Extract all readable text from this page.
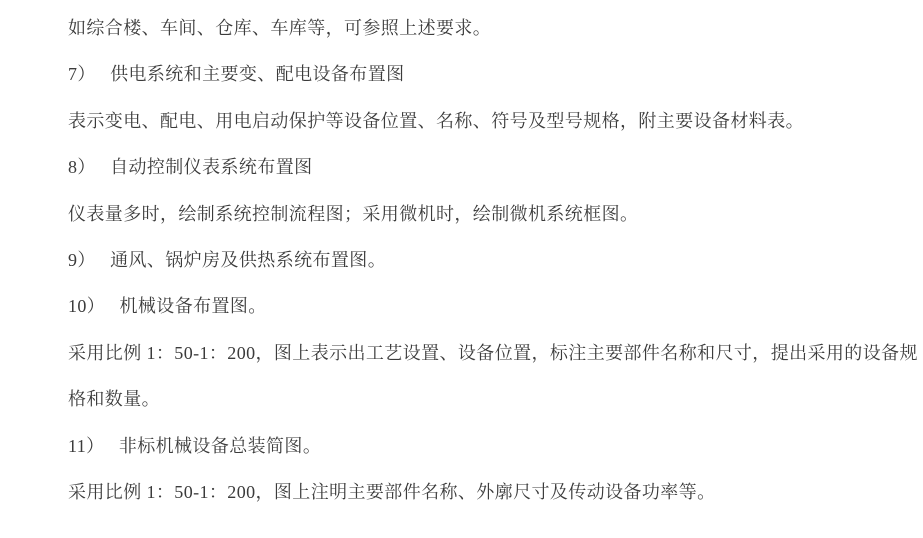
如综合楼、车间、仓库、车库等，可参照上述要求。
7）　 供电系统和主要变、配电设备布置图
表示变电、配电、用电启动保护等设备位置、名称、符号及型号规格，附主要设备材料表。
8）　 自动控制仪表系统布置图
仪表量多时，绘制系统控制流程图；采用微机时，绘制微机系统框图。
9）　 通风、锅炉房及供热系统布置图。
10）　 机械设备布置图。
采用比例 1：50-1：200，图上表示出工艺设置、设备位置，标注主要部件名称和尺寸，提出采用的设备规
格和数量。
11）　 非标机械设备总装简图。
采用比例 1：50-1：200，图上注明主要部件名称、外廓尺寸及传动设备功率等。
